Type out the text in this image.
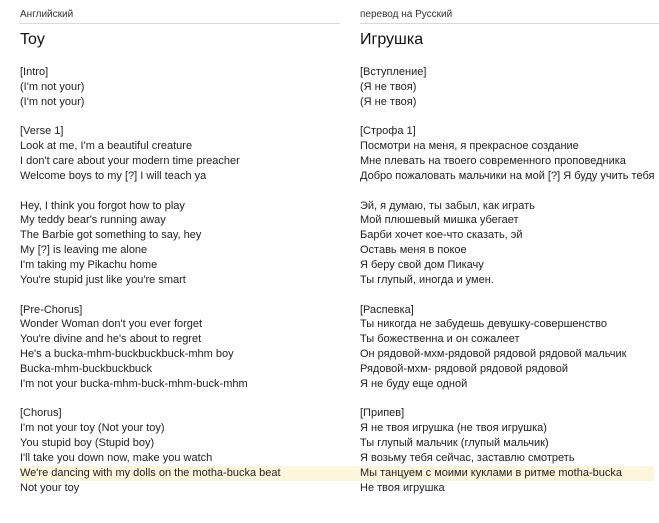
Английский
Toy
[Intro]
(I'm not your)
(I'm not your)

[Verse 1]
Look at me, I'm a beautiful creature
I don't care about your modern time preacher
Welcome boys to my [?] I will teach ya

Hey, I think you forgot how to play
My teddy bear's running away
The Barbie got something to say, hey
My [?] is leaving me alone
I'm taking my Pikachu home
You're stupid just like you're smart

[Pre-Chorus]
Wonder Woman don't you ever forget
You're divine and he's about to regret
He's a bucka-mhm-buckbuckbuck-mhm boy
Bucka-mhm-buckbuckbuck
I'm not your bucka-mhm-buck-mhm-buck-mhm

[Chorus]
I'm not your toy (Not your toy)
You stupid boy (Stupid boy)
I'll take you down now, make you watch
We're dancing with my dolls on the motha-bucka beat
Not your toy
перевод на Русский
Игрушка
[Вступление]
(Я не твоя)
(Я не твоя)

[Строфа 1]
Посмотри на меня, я прекрасное создание
Мне плевать на твоего современного проповедника
Добро пожаловать мальчики на мой [?] Я буду учить тебя

Эй, я думаю, ты забыл, как играть
Мой плюшевый мишка убегает
Барби хочет кое-что сказать, эй
Оставь меня в покое
Я беру свой дом Пикачу
Ты глупый, иногда и умен.

[Распевка]
Ты никогда не забудешь девушку-совершенство
Ты божественна и он сожалеет
Он рядовой-мхм-рядовой рядовой рядовой мальчик
Рядовой-мхм- рядовой рядовой рядовой
Я не буду еще одной

[Припев]
Я не твоя игрушка (не твоя игрушка)
Ты глупый мальчик (глупый мальчик)
Я возьму тебя сейчас, заставлю смотреть
Мы танцуем с моими куклами в ритме motha-bucka
Не твоя игрушка
